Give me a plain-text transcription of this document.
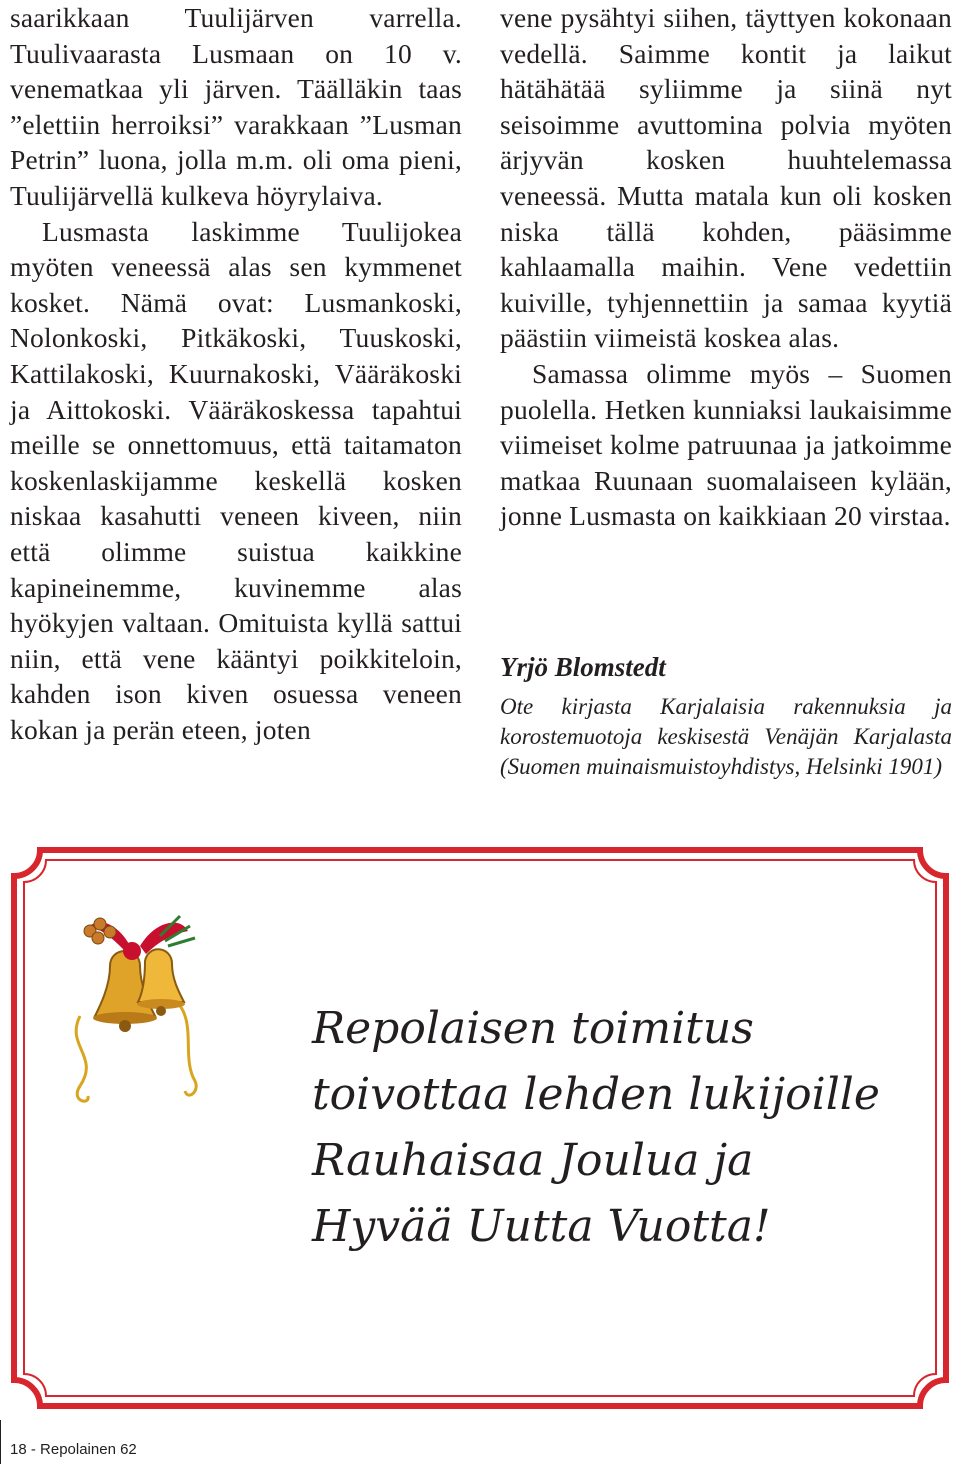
saarikkaan Tuulijärven varrella. Tuulivaarasta Lusmaan on 10 v. venematkaa yli järven. Täälläkin taas ”elettiin herroiksi” varakkaan ”Lusman Petrin” luona, jolla m.m. oli oma pieni, Tuulijärvellä kulkeva höyrylaiva.

Lusmasta laskimme Tuulijokea myöten veneessä alas sen kymmenet kosket. Nämä ovat: Lusmankoski, Nolonkoski, Pitkäkoski, Tuuskoski, Kattilakoski, Kuurnakoski, Vääräkoski ja Aittokoski. Vääräkoskessa tapahtui meille se onnettomuus, että taitamaton koskenlaskijamme keskellä kosken niskaa kasahutti veneen kiveen, niin että olimme suistua kaikkine kapineinemme, kuvinemme alas hyökyjen valtaan. Omituista kyllä sattui niin, että vene kääntyi poikkiteloin, kahden ison kiven osuessa veneen kokan ja perän eteen, joten

vene pysähtyi siihen, täyttyen kokonaan vedellä. Saimme kontit ja laikut hätähätää syliimme ja siinä nyt seisoimme avuttomina polvia myöten ärjyvän kosken huuhtelemassa veneessä. Mutta matala kun oli kosken niska tällä kohden, pääsimme kahlaamalla maihin. Vene vedettiin kuiville, tyhjennettiin ja samaa kyytiä päästiin viimeistä koskea alas.

Samassa olimme myös – Suomen puolella. Hetken kunniaksi laukaisimme viimeiset kolme patruunaa ja jatkoimme matkaa Ruunaan suomalaiseen kylään, jonne Lusmasta on kaikkiaan 20 virstaa.

Yrjö Blomstedt
Ote kirjasta Karjalaisia rakennuksia ja korostemuotoja keskisestä Venäjän Karjalasta (Suomen muinaismuistoyhdistys, Helsinki 1901)
Repolaisen toimitus
toivottaa lehden lukijoille
Rauhaisaa Joulua ja
Hyvää Uutta Vuotta!
18 - Repolainen 62
